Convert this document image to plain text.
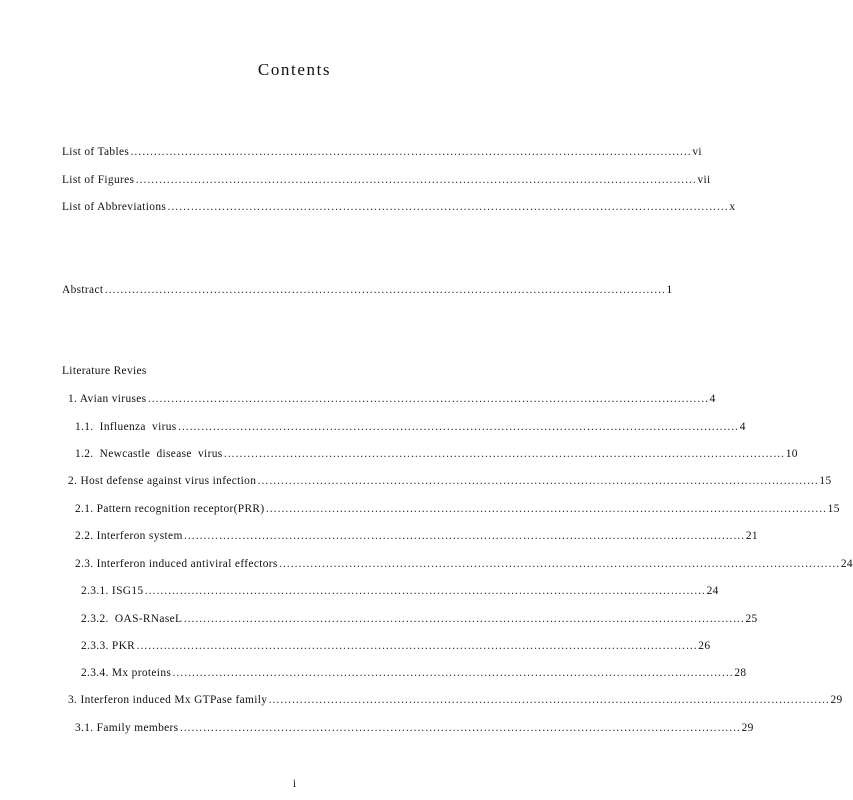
Contents
List of Tables ……………………………………………………………………………………………………………………………… vi
List of Figures ……………………………………………………………………………………………………………………………… vii
List of Abbreviations ……………………………………………………………………………………………………………………………… x
Abstract ……………………………………………………………………………………………………………………………… 1
Literature Revies
1. Avian viruses ……………………………………………………………………………………………………………………………… 4
1.1. Influenza virus ……………………………………………………………………………………………………………………………… 4
1.2. Newcastle disease virus ……………………………………………………………………………………………………………………………… 10
2. Host defense against virus infection ……………………………………………………………………………………………………………………………… 15
2.1. Pattern recognition receptor(PRR) ……………………………………………………………………………………………………………………………… 15
2.2. Interferon system ……………………………………………………………………………………………………………………………… 21
2.3. Interferon induced antiviral effectors ……………………………………………………………………………………………………………………………… 24
2.3.1. ISG15 ……………………………………………………………………………………………………………………………… 24
2.3.2. OAS-RNaseL ……………………………………………………………………………………………………………………………… 25
2.3.3. PKR ……………………………………………………………………………………………………………………………… 26
2.3.4. Mx proteins ……………………………………………………………………………………………………………………………… 28
3. Interferon induced Mx GTPase family ……………………………………………………………………………………………………………………………… 29
3.1. Family members ……………………………………………………………………………………………………………………………… 29
i
